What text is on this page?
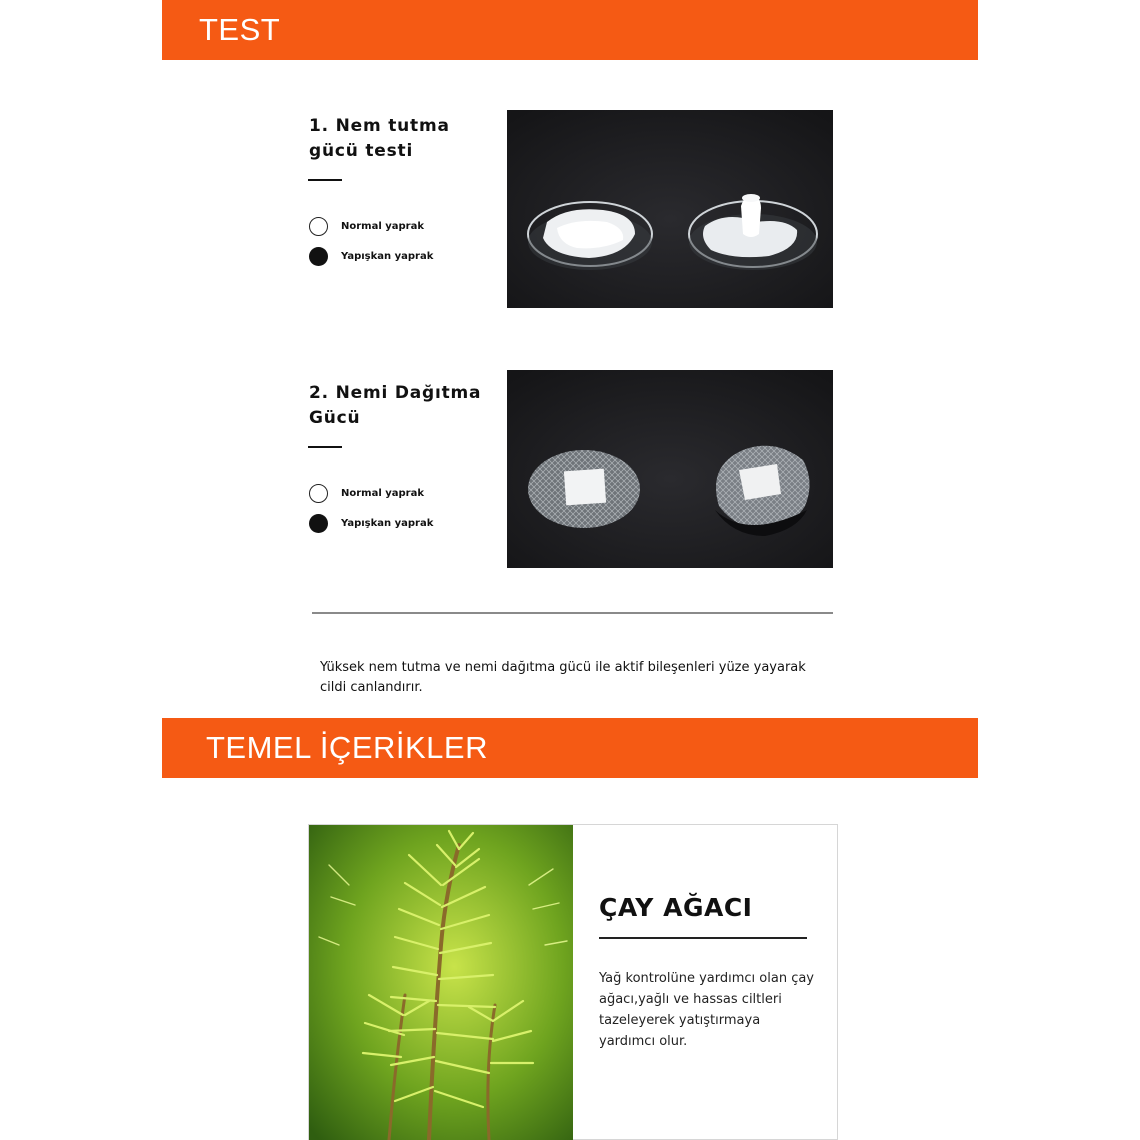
TEST
1. Nem tutma
gücü testi
Normal yaprak
Yapışkan yaprak
2. Nemi Dağıtma
Gücü
Normal yaprak
Yapışkan yaprak

Yüksek nem tutma ve nemi dağıtma gücü ile aktif bileşenleri yüze yayarak cildi canlandırır.

TEMEL İÇERİKLER
ÇAY AĞACI

Yağ kontrolüne yardımcı olan çay ağacı,yağlı ve hassas ciltleri tazeleyerek yatıştırmaya yardımcı olur.
